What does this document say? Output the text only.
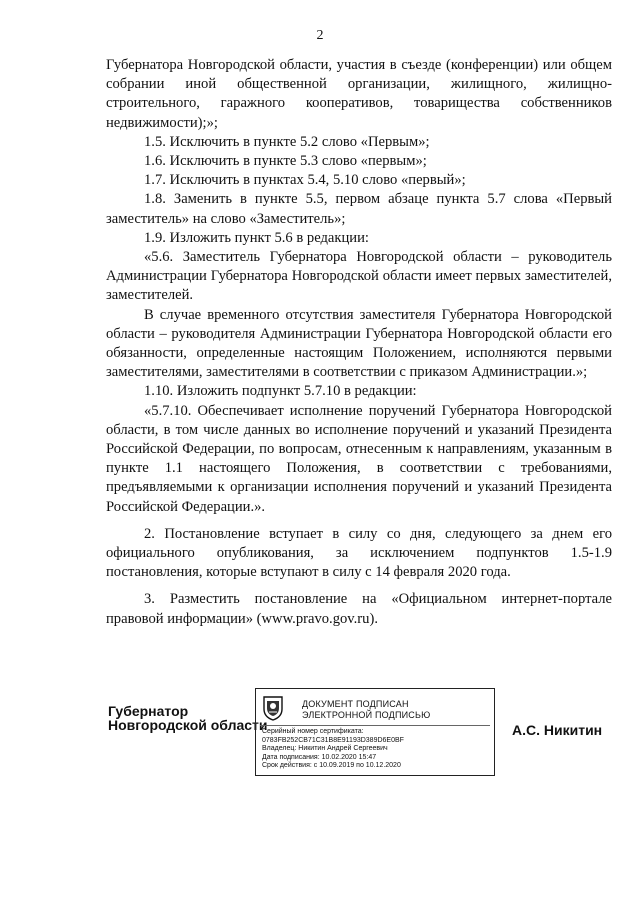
2

Губернатора Новгородской области, участия в съезде (конференции) или общем собрании иной общественной организации, жилищного, жилищно-строительного, гаражного кооперативов, товарищества собственников недвижимости);»;

1.5. Исключить в пункте 5.2 слово «Первым»;

1.6. Исключить в пункте 5.3 слово «первым»;

1.7. Исключить в пунктах 5.4, 5.10 слово «первый»;

1.8. Заменить в пункте 5.5, первом абзаце пункта 5.7 слова «Первый заместитель» на слово «Заместитель»;

1.9. Изложить пункт 5.6 в редакции:

«5.6. Заместитель Губернатора Новгородской области – руководитель Администрации Губернатора Новгородской области имеет первых заместителей, заместителей.

В случае временного отсутствия заместителя Губернатора Новгородской области – руководителя Администрации Губернатора Новгородской области его обязанности, определенные настоящим Положением, исполняются первыми заместителями, заместителями в соответствии с приказом Администрации.»;

1.10. Изложить подпункт 5.7.10 в редакции:

«5.7.10. Обеспечивает исполнение поручений Губернатора Новгородской области, в том числе данных во исполнение поручений и указаний Президента Российской Федерации, по вопросам, отнесенным к направлениям, указанным в пункте 1.1 настоящего Положения, в соответствии с требованиями, предъявляемыми к организации исполнения поручений и указаний Президента Российской Федерации.».

2. Постановление вступает в силу со дня, следующего за днем его официального опубликования, за исключением подпунктов 1.5-1.9 постановления, которые вступают в силу с 14 февраля 2020 года.

3. Разместить постановление на «Официальном интернет-портале правовой информации» (www.pravo.gov.ru).

Губернатор
Новгородской области
ДОКУМЕНТ ПОДПИСАН
ЭЛЕКТРОННОЙ ПОДПИСЬЮ
Серийный номер сертификата:
0783FB252CB71C31B8E91193D389D6E0BF
Владелец: Никитин Андрей Сергеевич
Дата подписания: 10.02.2020 15:47
Срок действия: с 10.09.2019 по 10.12.2020
А.С. Никитин
